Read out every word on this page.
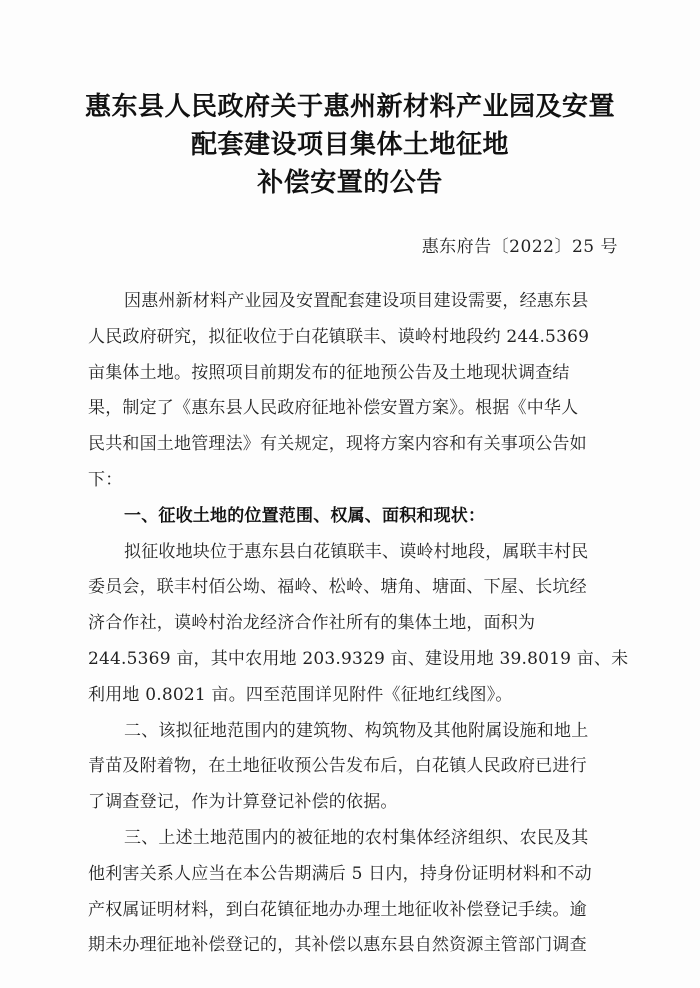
惠东县人民政府关于惠州新材料产业园及安置
配套建设项目集体土地征地
补偿安置的公告
惠东府告〔2022〕25 号
因惠州新材料产业园及安置配套建设项目建设需要，经惠东县
人民政府研究，拟征收位于白花镇联丰、谟岭村地段约 244.5369
亩集体土地。按照项目前期发布的征地预公告及土地现状调查结
果，制定了《惠东县人民政府征地补偿安置方案》。根据《中华人
民共和国土地管理法》有关规定，现将方案内容和有关事项公告如
下：
一、征收土地的位置范围、权属、面积和现状：
拟征收地块位于惠东县白花镇联丰、谟岭村地段，属联丰村民
委员会，联丰村佰公坳、福岭、松岭、塘角、塘面、下屋、长坑经
济合作社，谟岭村治龙经济合作社所有的集体土地，面积为
244.5369 亩，其中农用地 203.9329 亩、建设用地 39.8019 亩、未
利用地 0.8021 亩。四至范围详见附件《征地红线图》。
二、该拟征地范围内的建筑物、构筑物及其他附属设施和地上
青苗及附着物，在土地征收预公告发布后，白花镇人民政府已进行
了调查登记，作为计算登记补偿的依据。
三、上述土地范围内的被征地的农村集体经济组织、农民及其
他利害关系人应当在本公告期满后 5 日内，持身份证明材料和不动
产权属证明材料，到白花镇征地办办理土地征收补偿登记手续。逾
期未办理征地补偿登记的，其补偿以惠东县自然资源主管部门调查
